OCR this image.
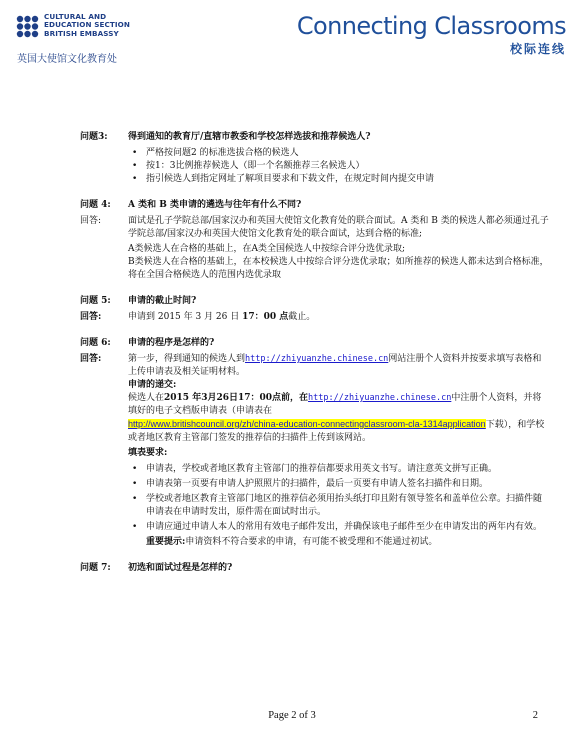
CULTURAL AND
EDUCATION SECTION
BRITISH EMBASSY
英国大使馆文化教育处
Connecting Classrooms
校际连线
问题3:	得到通知的教育厅/直辖市教委和学校怎样选拔和推荐候选人?
• 严格按问题2 的标准选拔合格的候选人
• 按1：3比例推荐候选人（即一个名额推荐三名候选人）
• 指引候选人到指定网址了解项目要求和下载文件，在规定时间内提交申请
问题 4:	A 类和 B 类申请的遴选与往年有什么不同?
回答:	面试是孔子学院总部/国家汉办和英国大使馆文化教育处的联合面试。A 类和 B 类的候选人都必须通过孔子学院总部/国家汉办和英国大使馆文化教育处的联合面试，达到合格的标准;
A类候选人在合格的基础上，在A类全国候选人中按综合评分选优录取;
B类候选人在合格的基础上，在本校候选人中按综合评分选优录取；如所推荐的候选人都未达到合格标准，将在全国合格候选人的范围内选优录取
问题 5:	申请的截止时间?
回答:	申请到 2015 年 3 月 26 日 17：00 点截止。
问题 6:	申请的程序是怎样的?
回答:	第一步，得到通知的候选人到http://zhiyuanzhe.chinese.cn网站注册个人资料并按要求填写表格和上传申请表及相关证明材料。
申请的递交:
候选人在2015 年3月26日17：00点前，在http://zhiyuanzhe.chinese.cn中注册个人资料，并将填好的电子文档版申请表（申请表在
http://www.britishcouncil.org/zh/china-education-connectingclassroom-cla-1314application下载），和学校或者地区教育主管部门签发的推荐信的扫描件上传到该网站。
填表要求:
• 申请表，学校或者地区教育主管部门的推荐信都要求用英文书写。请注意英文拼写正确。
• 申请表第一页要有申请人护照照片的扫描件，最后一页要有申请人签名扫描件和日期。
• 学校或者地区教育主管部门地区的推荐信必须用抬头纸打印且附有领导签名和盖单位公章。扫描件随申请表在申请时发出，原件需在面试时出示。
• 申请应通过申请人本人的常用有效电子邮件发出，并确保该电子邮件至少在申请发出的两年内有效。
重要提示:申请资料不符合要求的申请，有可能不被受理和不能通过初试。
问题 7:	初选和面试过程是怎样的?
Page 2 of 3	2
